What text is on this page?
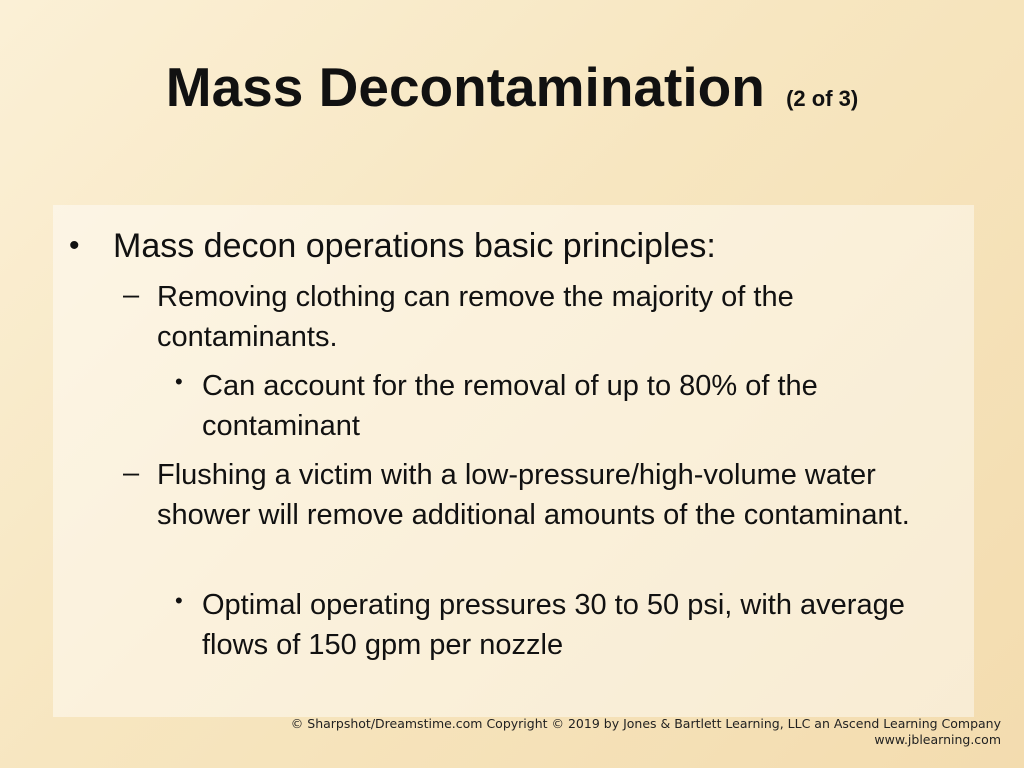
Mass Decontamination (2 of 3)
• Mass decon operations basic principles:
– Removing clothing can remove the majority of the contaminants.
• Can account for the removal of up to 80% of the contaminant
– Flushing a victim with a low-pressure/high-volume water shower will remove additional amounts of the contaminant.
• Optimal operating pressures 30 to 50 psi, with average flows of 150 gpm per nozzle
© Sharpshot/Dreamstime.com Copyright © 2019 by Jones & Bartlett Learning, LLC an Ascend Learning Company
www.jblearning.com
